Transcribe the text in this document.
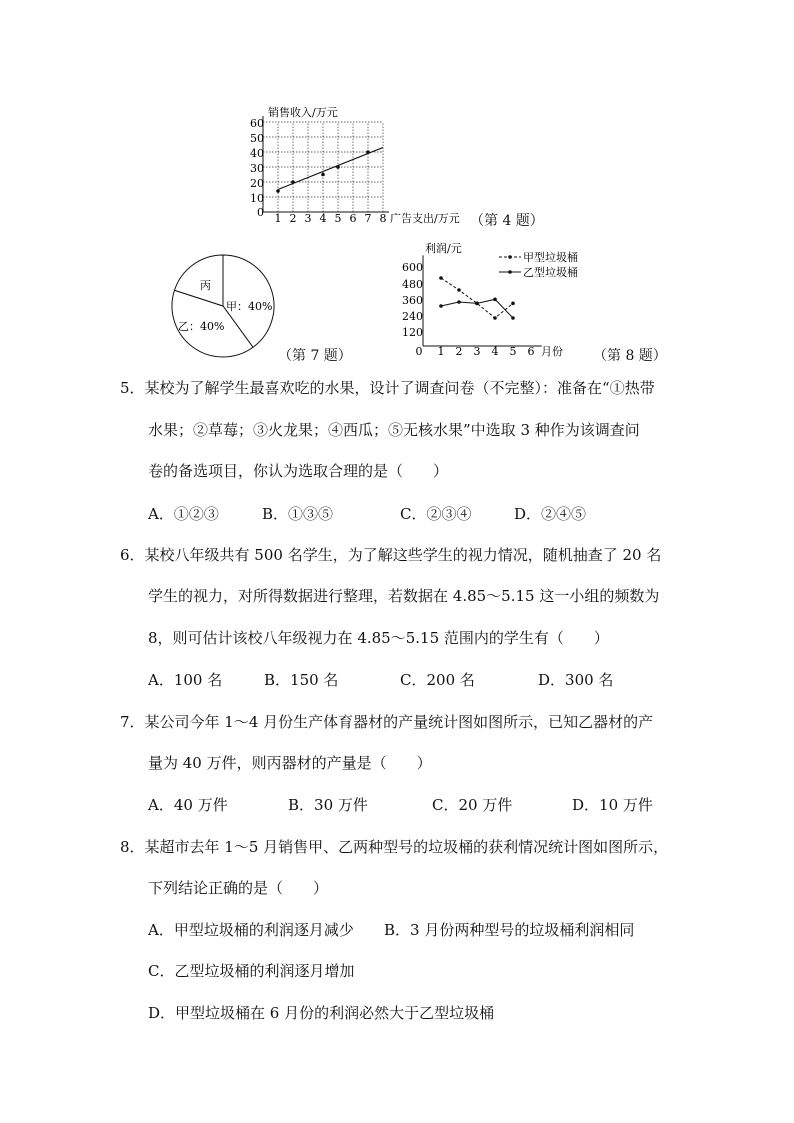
销售收入/万元
60
50
40
30
20
10
0 1 2 3 4 5 6 7 8 广告支出/万元 （第 4 题）
丙
甲：40%
乙：40%
（第 7 题）
利润/元
600
480
360
240
120
0 1 2 3 4 5 6 月份
甲型垃圾桶
乙型垃圾桶
（第 8 题）
5．某校为了解学生最喜欢吃的水果，设计了调查问卷（不完整）：准备在“①热带
水果；②草莓；③火龙果；④西瓜；⑤无核水果”中选取 3 种作为该调查问
卷的备选项目，你认为选取合理的是（　　）
A．①②③	B．①③⑤	C．②③④	D．②④⑤
6．某校八年级共有 500 名学生，为了解这些学生的视力情况，随机抽查了 20 名
学生的视力，对所得数据进行整理，若数据在 4.85～5.15 这一小组的频数为
8，则可估计该校八年级视力在 4.85～5.15 范围内的学生有（　　）
A．100 名	B．150 名	C．200 名	D．300 名
7．某公司今年 1～4 月份生产体育器材的产量统计图如图所示，已知乙器材的产
量为 40 万件，则丙器材的产量是（　　）
A．40 万件	B．30 万件	C．20 万件	D．10 万件
8．某超市去年 1～5 月销售甲、乙两种型号的垃圾桶的获利情况统计图如图所示，
下列结论正确的是（　　）
A．甲型垃圾桶的利润逐月减少 B．3 月份两种型号的垃圾桶利润相同
C．乙型垃圾桶的利润逐月增加
D．甲型垃圾桶在 6 月份的利润必然大于乙型垃圾桶
